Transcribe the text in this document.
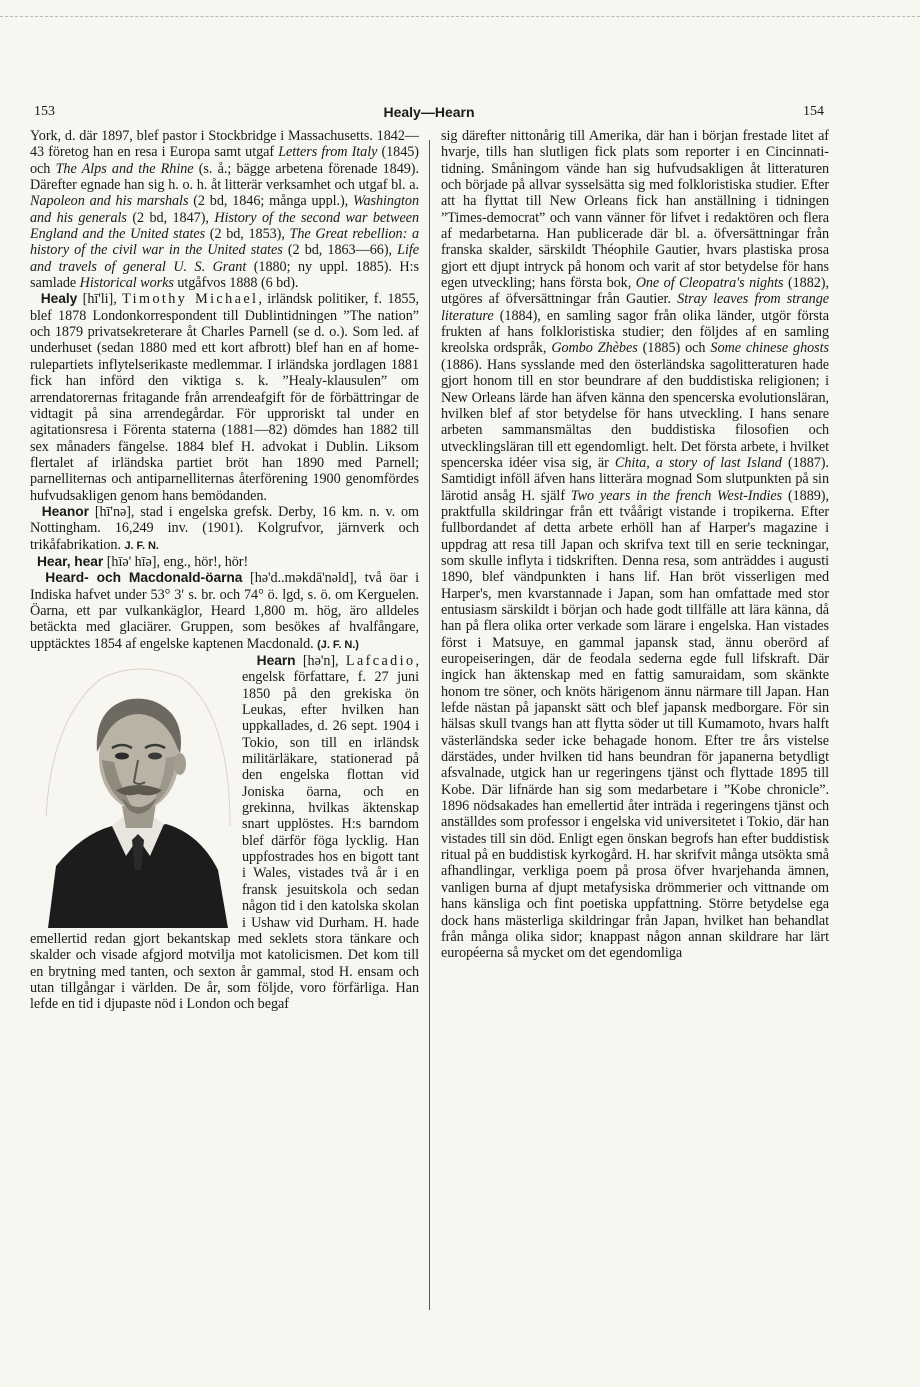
153	Healy—Hearn	154

York, d. där 1897, blef pastor i Stockbridge i Massachusetts. 1842—43 företog han en resa i Europa samt utgaf Letters from Italy (1845) och The Alps and the Rhine (s. å.; bägge arbetena förenade 1849). Därefter egnade han sig h. o. h. åt litterär verksamhet och utgaf bl. a. Napoleon and his marshals (2 bd, 1846; många uppl.), Washington and his generals (2 bd, 1847), History of the second war between England and the United states (2 bd, 1853), The Great rebellion: a history of the civil war in the United states (2 bd, 1863—66), Life and travels of general U. S. Grant (1880; ny uppl. 1885). H:s samlade Historical works utgåfvos 1888 (6 bd).

Healy [hī'li], Timothy Michael, irländsk politiker, f. 1855, blef 1878 Londonkorrespondent till Dublintidningen ”The nation” och 1879 privatsekreterare åt Charles Parnell (se d. o.). Som led. af underhuset (sedan 1880 med ett kort afbrott) blef han en af home-rulepartiets inflytelserikaste medlemmar. I irländska jordlagen 1881 fick han införd den viktiga s. k. ”Healy-klausulen” om arrendatorernas fritagande från arrendeafgift för de förbättringar de vidtagit på sina arrendegårdar. För upproriskt tal under en agitationsresa i Förenta staterna (1881—82) dömdes han 1882 till sex månaders fängelse. 1884 blef H. advokat i Dublin. Liksom flertalet af irländska partiet bröt han 1890 med Parnell; parnelliternas och antiparnelliternas återförening 1900 genomfördes hufvudsakligen genom hans bemödanden.

Heanor [hī'nə], stad i engelska grefsk. Derby, 16 km. n. v. om Nottingham. 16,249 inv. (1901). Kolgrufvor, järnverk och trikåfabrikation. J. F. N.

Hear, hear [hīə' hīə], eng., hör!, hör!

Heard- och Macdonald-öarna [hə'd..məkdā'nəld], två öar i Indiska hafvet under 53° 3′ s. br. och 74° ö. lgd, s. ö. om Kerguelen. Öarna, ett par vulkankäglor, Heard 1,800 m. hög, äro alldeles betäckta med glaciärer. Gruppen, som besökes af hvalfångare, upptäcktes 1854 af engelske kaptenen Macdonald. (J. F. N.)

Hearn [hə'n], Lafcadio
, engelsk författare, f. 27 juni 1850 på den grekiska ön Leukas, efter hvilken han uppkallades, d. 26 sept. 1904 i Tokio, son till en irländsk militärläkare, stationerad på den engelska flottan vid Joniska öarna, och en grekinna, hvilkas äktenskap snart upplöstes. H:s barndom blef därför föga lycklig. Han uppfostrades hos en bigott tant i Wales, vistades två år i en fransk jesuitskola och sedan någon tid i den katolska skolan i Ushaw vid Durham. H. hade emellertid redan gjort bekantskap med seklets stora tänkare och skalder och visade afgjord motvilja mot katolicismen. Det kom till en brytning med tanten, och sexton år gammal, stod H. ensam och utan tillgångar i världen. De år, som följde, voro förfärliga. Han lefde en tid i djupaste nöd i London och begaf

sig därefter nittonårig till Amerika, där han i början frestade litet af hvarje, tills han slutligen fick plats som reporter i en Cincinnati-tidning. Småningom vände han sig hufvudsakligen åt litteraturen och började på allvar sysselsätta sig med folkloristiska studier. Efter att ha flyttat till New Orleans fick han anställning i tidningen ”Times-democrat” och vann vänner för lifvet i redaktören och flera af medarbetarna. Han publicerade där bl. a. öfversättningar från franska skalder, särskildt Théophile Gautier, hvars plastiska prosa gjort ett djupt intryck på honom och varit af stor betydelse för hans egen utveckling; hans första bok, One of Cleopatra's nights (1882), utgöres af öfversättningar från Gautier. Stray leaves from strange literature (1884), en samling sagor från olika länder, utgör första frukten af hans folkloristiska studier; den följdes af en samling kreolska ordspråk, Gombo Zhèbes (1885) och Some chinese ghosts (1886). Hans sysslande med den österländska sagolitteraturen hade gjort honom till en stor beundrare af den buddistiska religionen; i New Orleans lärde han äfven känna den spencerska evolutionsläran, hvilken blef af stor betydelse för hans utveckling. I hans senare arbeten sammansmältas den buddistiska filosofien och utvecklingsläran till ett egendomligt. helt. Det första arbete, i hvilket spencerska idéer visa sig, är Chita, a story of last Island (1887). Samtidigt inföll äfven hans litterära mognad Som slutpunkten på sin lärotid ansåg H. själf Two years in the french West-Indies (1889), praktfulla skildringar från ett tvåårigt vistande i tropikerna. Efter fullbordandet af detta arbete erhöll han af Harper's magazine i uppdrag att resa till Japan och skrifva text till en serie teckningar, som skulle inflyta i tidskriften. Denna resa, som anträddes i augusti 1890, blef vändpunkten i hans lif. Han bröt visserligen med Harper's, men kvarstannade i Japan, som han omfattade med stor entusiasm särskildt i början och hade godt tillfälle att lära känna, då han på flera olika orter verkade som lärare i engelska. Han vistades först i Matsuye, en gammal japansk stad, ännu oberörd af europeiseringen, där de feodala sederna egde full lifskraft. Där ingick han äktenskap med en fattig samuraidam, som skänkte honom tre söner, och knöts härigenom ännu närmare till Japan. Han lefde nästan på japanskt sätt och blef japansk medborgare. För sin hälsas skull tvangs han att flytta söder ut till Kumamoto, hvars halft västerländska seder icke behagade honom. Efter tre års vistelse därstädes, under hvilken tid hans beundran för japanerna betydligt afsvalnade, utgick han ur regeringens tjänst och flyttade 1895 till Kobe. Där lifnärde han sig som medarbetare i ”Kobe chronicle”. 1896 nödsakades han emellertid åter inträda i regeringens tjänst och anställdes som professor i engelska vid universitetet i Tokio, där han vistades till sin död. Enligt egen önskan begrofs han efter buddistisk ritual på en buddistisk kyrkogård. H. har skrifvit många utsökta små afhandlingar, verkliga poem på prosa öfver hvarjehanda ämnen, vanligen burna af djupt metafysiska drömmerier och vittnande om hans känsliga och fint poetiska uppfattning. Större betydelse ega dock hans mästerliga skildringar från Japan, hvilket han behandlat från många olika sidor; knappast någon annan skildrare har lärt européerna så mycket om det egendomliga
